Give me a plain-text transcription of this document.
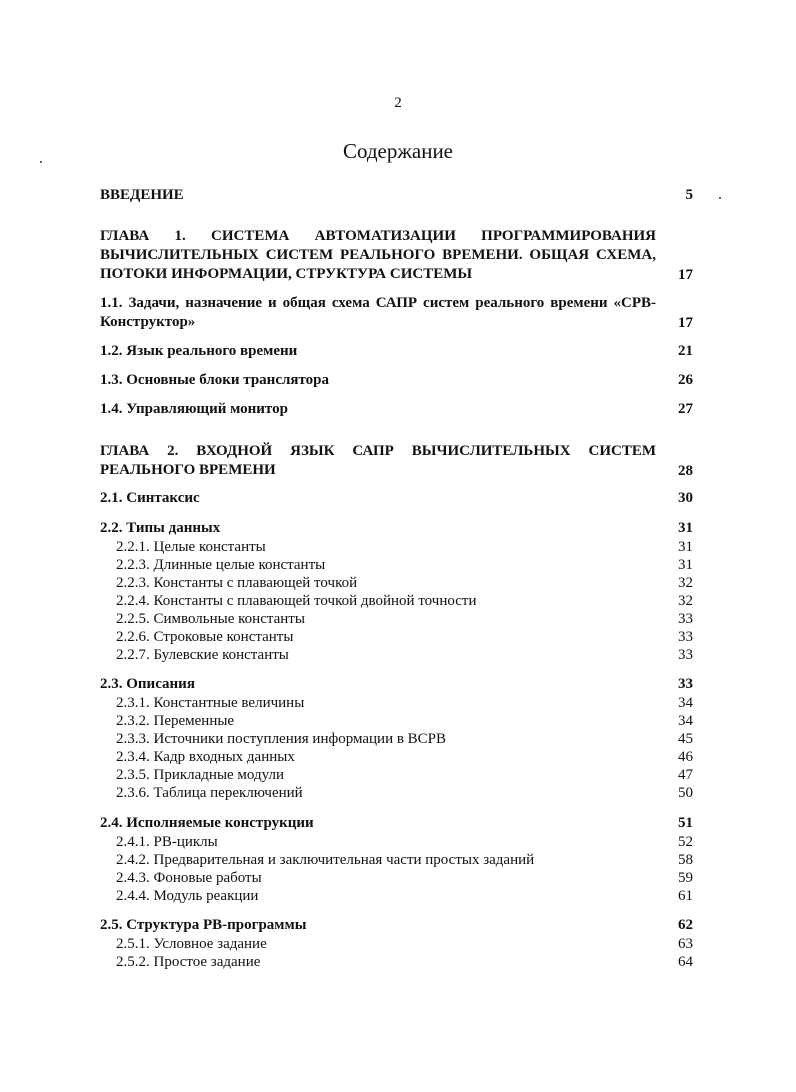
2
Содержание
ВВЕДЕНИЕ	5
ГЛАВА 1. СИСТЕМА АВТОМАТИЗАЦИИ ПРОГРАММИРОВАНИЯ ВЫЧИСЛИТЕЛЬНЫХ СИСТЕМ РЕАЛЬНОГО ВРЕМЕНИ. ОБЩАЯ СХЕМА, ПОТОКИ ИНФОРМАЦИИ, СТРУКТУРА СИСТЕМЫ	17
1.1. Задачи, назначение и общая схема САПР систем реального времени «СРВ-Конструктор»	17
1.2. Язык реального времени	21
1.3. Основные блоки транслятора	26
1.4. Управляющий монитор	27
ГЛАВА 2. ВХОДНОЙ ЯЗЫК САПР ВЫЧИСЛИТЕЛЬНЫХ СИСТЕМ РЕАЛЬНОГО ВРЕМЕНИ	28
2.1. Синтаксис	30
2.2. Типы данных	31
2.2.1. Целые константы	31
2.2.3. Длинные целые константы	31
2.2.3. Константы с плавающей точкой	32
2.2.4. Константы с плавающей точкой двойной точности	32
2.2.5. Символьные константы	33
2.2.6. Строковые константы	33
2.2.7. Булевские константы	33
2.3. Описания	33
2.3.1. Константные величины	34
2.3.2. Переменные	34
2.3.3. Источники поступления информации в ВСРВ	45
2.3.4. Кадр входных данных	46
2.3.5. Прикладные модули	47
2.3.6. Таблица переключений	50
2.4. Исполняемые конструкции	51
2.4.1. РВ-циклы	52
2.4.2. Предварительная и заключительная части простых заданий	58
2.4.3. Фоновые работы	59
2.4.4. Модуль реакции	61
2.5. Структура РВ-программы	62
2.5.1. Условное задание	63
2.5.2. Простое задание	64
